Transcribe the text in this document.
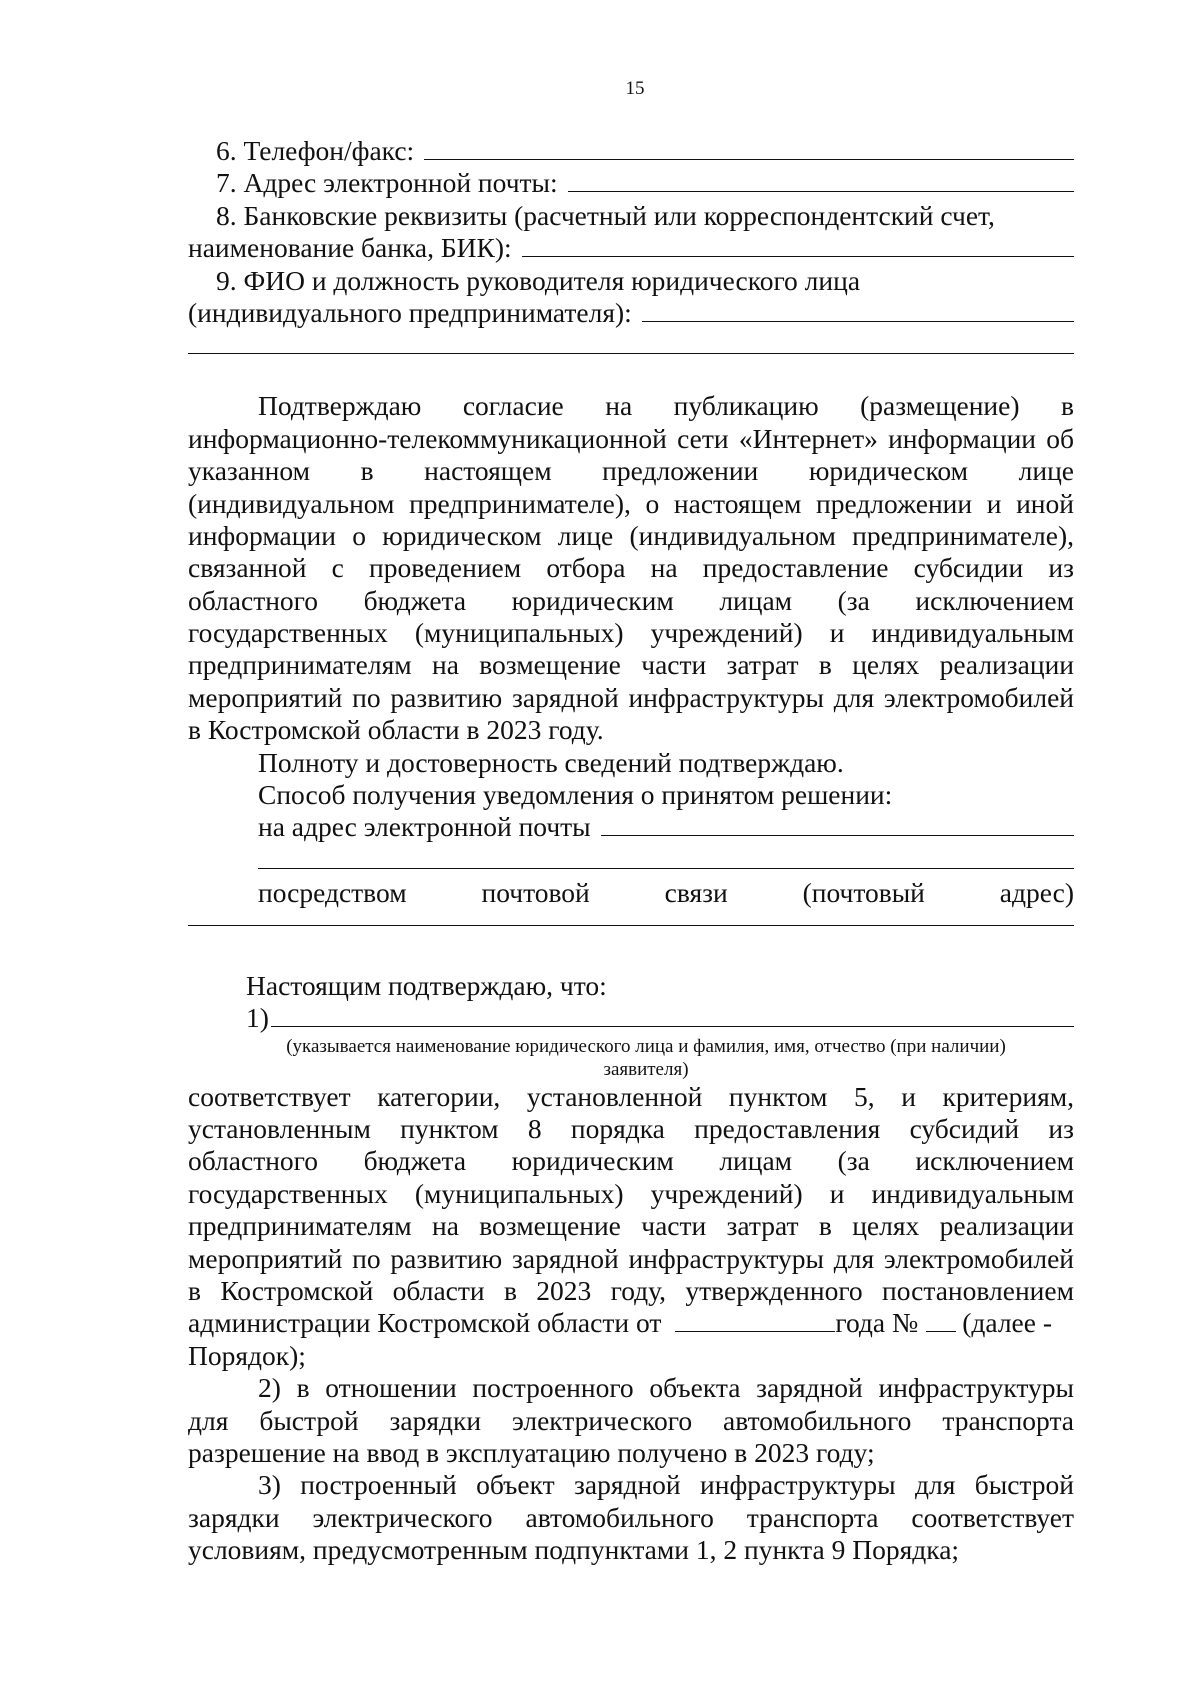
15
6. Телефон/факс:
7. Адрес электронной почты:
8. Банковские реквизиты (расчетный или корреспондентский счет,
наименование банка, БИК):
9. ФИО и должность руководителя юридического лица
(индивидуального предпринимателя):
Подтверждаю согласие на публикацию (размещение) в
информационно-телекоммуникационной сети «Интернет» информации об
указанном в настоящем предложении юридическом лице
(индивидуальном предпринимателе), о настоящем предложении и иной
информации о юридическом лице (индивидуальном предпринимателе),
связанной с проведением отбора на предоставление субсидии из
областного бюджета юридическим лицам (за исключением
государственных (муниципальных) учреждений) и индивидуальным
предпринимателям на возмещение части затрат в целях реализации
мероприятий по развитию зарядной инфраструктуры для электромобилей
в Костромской области в 2023 году.
Полноту и достоверность сведений подтверждаю.
Способ получения уведомления о принятом решении:
на адрес электронной почты
посредством почтовой связи (почтовый адрес)
Настоящим подтверждаю, что:
1)
(указывается наименование юридического лица и фамилия, имя, отчество (при наличии)
заявителя)
соответствует категории, установленной пунктом 5, и критериям,
установленным пунктом 8 порядка предоставления субсидий из
областного бюджета юридическим лицам (за исключением
государственных (муниципальных) учреждений) и индивидуальным
предпринимателям на возмещение части затрат в целях реализации
мероприятий по развитию зарядной инфраструктуры для электромобилей
в Костромской области в 2023 году, утвержденного постановлением
администрации Костромской области от	года № (далее -
Порядок);
2) в отношении построенного объекта зарядной инфраструктуры
для быстрой зарядки электрического автомобильного транспорта
разрешение на ввод в эксплуатацию получено в 2023 году;
3) построенный объект зарядной инфраструктуры для быстрой
зарядки электрического автомобильного транспорта соответствует
условиям, предусмотренным подпунктами 1, 2 пункта 9 Порядка;
